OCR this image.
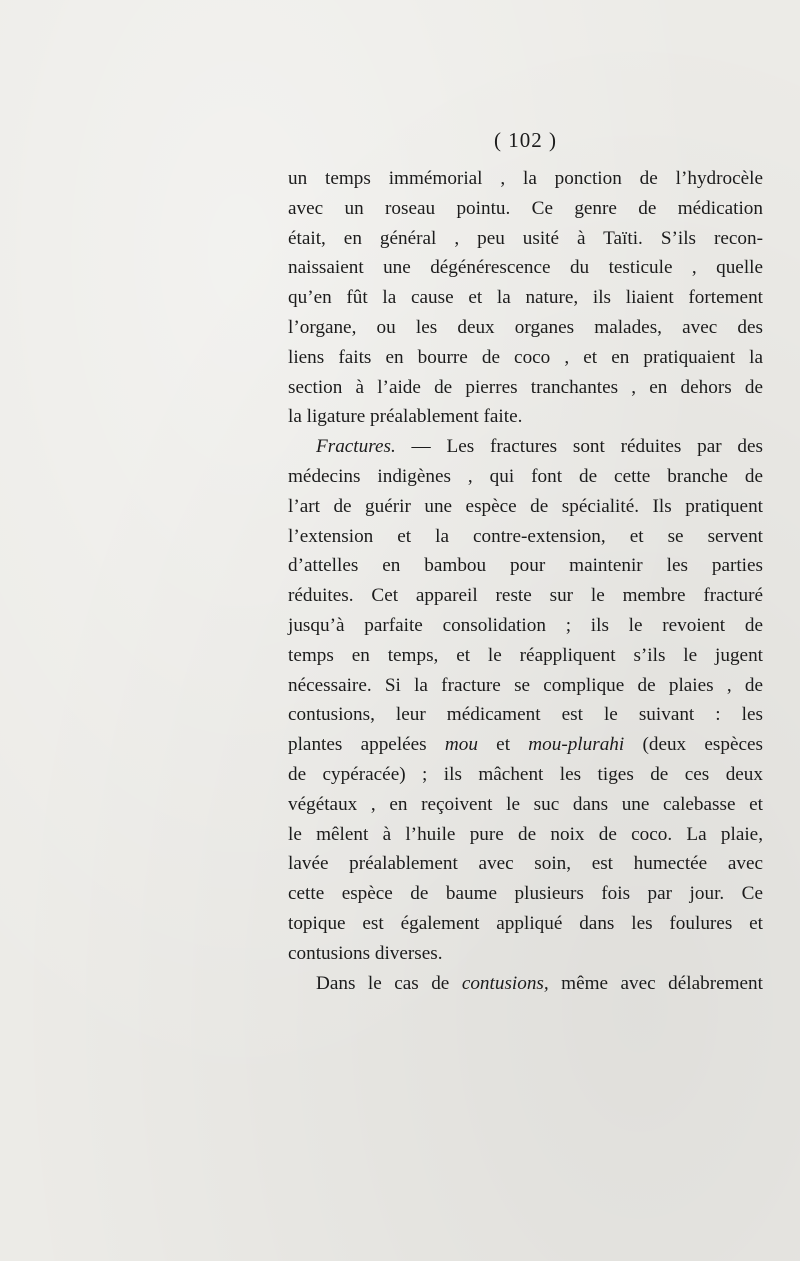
( 102 )
un temps immémorial , la ponction de l’hydrocèle
avec un roseau pointu. Ce genre de médication
était, en général , peu usité à Taïti. S’ils recon-
naissaient une dégénérescence du testicule , quelle
qu’en fût la cause et la nature, ils liaient fortement
l’organe, ou les deux organes malades, avec des
liens faits en bourre de coco , et en pratiquaient la
section à l’aide de pierres tranchantes , en dehors de
la ligature préalablement faite.
Fractures. — Les fractures sont réduites par des
médecins indigènes , qui font de cette branche de
l’art de guérir une espèce de spécialité. Ils pratiquent
l’extension et la contre-extension, et se servent
d’attelles en bambou pour maintenir les parties
réduites. Cet appareil reste sur le membre fracturé
jusqu’à parfaite consolidation ; ils le revoient de
temps en temps, et le réappliquent s’ils le jugent
nécessaire. Si la fracture se complique de plaies , de
contusions, leur médicament est le suivant : les
plantes appelées mou et mou-plurahi (deux espèces
de cypéracée) ; ils mâchent les tiges de ces deux
végétaux , en reçoivent le suc dans une calebasse et
le mêlent à l’huile pure de noix de coco. La plaie,
lavée préalablement avec soin, est humectée avec
cette espèce de baume plusieurs fois par jour. Ce
topique est également appliqué dans les foulures et
contusions diverses.
Dans le cas de contusions, même avec délabrement
